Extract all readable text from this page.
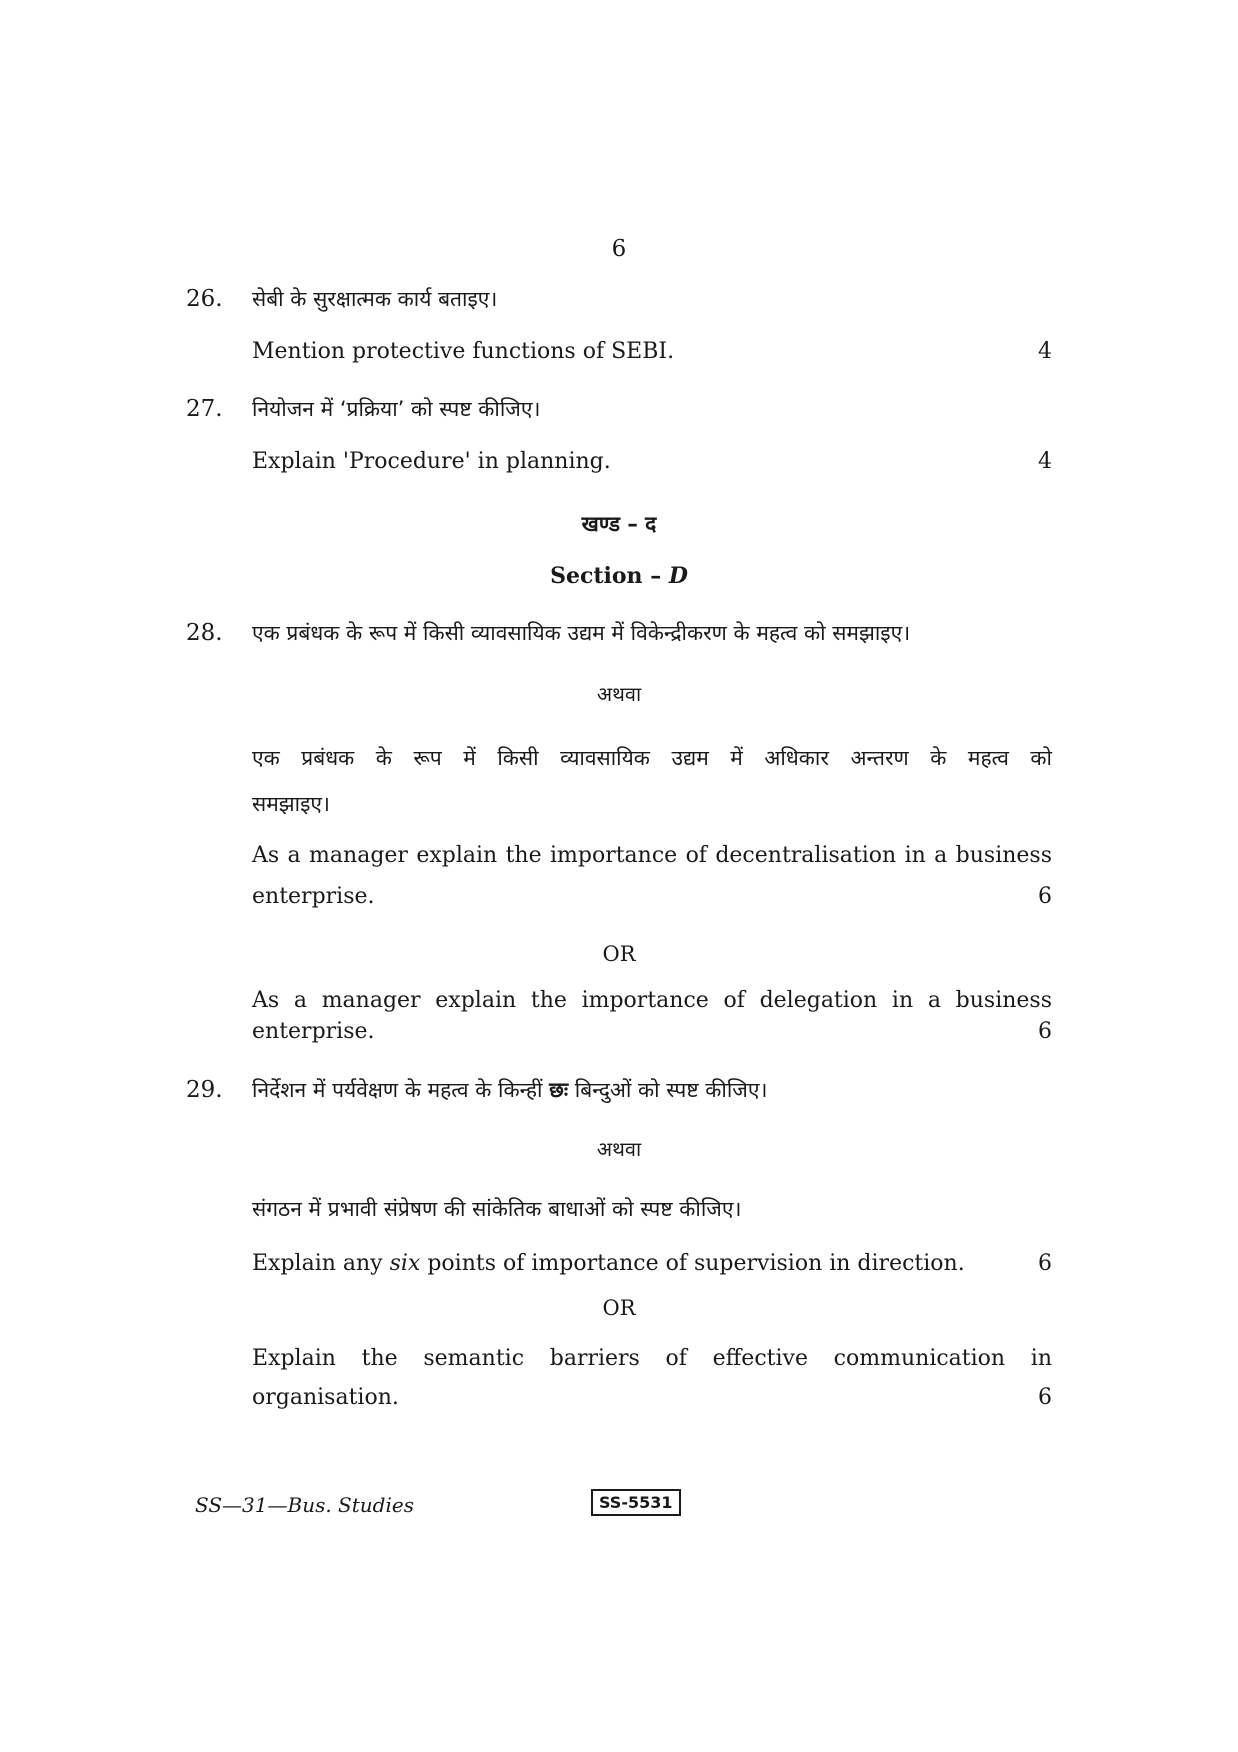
6
26. सेबी के सुरक्षात्मक कार्य बताइए।
Mention protective functions of SEBI.	4
27. नियोजन में ‘प्रक्रिया’ को स्पष्ट कीजिए।
Explain 'Procedure' in planning.	4
खण्ड – द
Section – D
28. एक प्रबंधक के रूप में किसी व्यावसायिक उद्यम में विकेन्द्रीकरण के महत्व को समझाइए।
अथवा
एक प्रबंधक के रूप में किसी व्यावसायिक उद्यम में अधिकार अन्तरण के महत्व को
समझाइए।
As a manager explain the importance of decentralisation in a business
enterprise.	6
OR
As a manager explain the importance of delegation in a business
enterprise.	6
29. निर्देशन में पर्यवेक्षण के महत्व के किन्हीं छः बिन्दुओं को स्पष्ट कीजिए।
अथवा
संगठन में प्रभावी संप्रेषण की सांकेतिक बाधाओं को स्पष्ट कीजिए।
Explain any six points of importance of supervision in direction.	6
OR
Explain the semantic barriers of effective communication in
organisation.	6
SS—31—Bus. Studies	SS-5531
